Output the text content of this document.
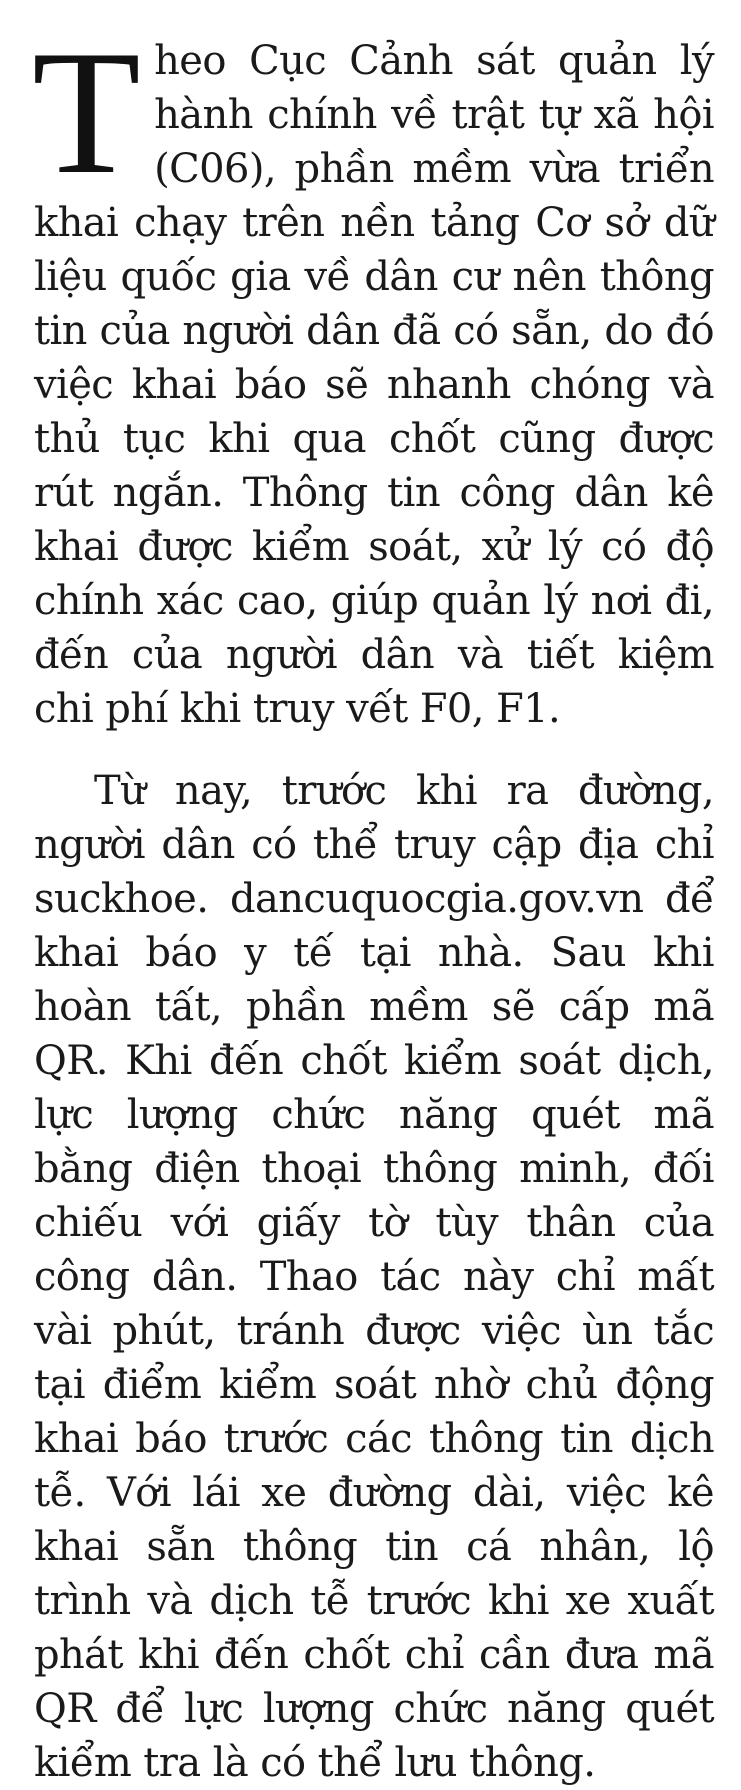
Theo Cục Cảnh sát quản lý hành chính về trật tự xã hội (C06), phần mềm vừa triển khai chạy trên nền tảng Cơ sở dữ liệu quốc gia về dân cư nên thông tin của người dân đã có sẵn, do đó việc khai báo sẽ nhanh chóng và thủ tục khi qua chốt cũng được rút ngắn. Thông tin công dân kê khai được kiểm soát, xử lý có độ chính xác cao, giúp quản lý nơi đi, đến của người dân và tiết kiệm chi phí khi truy vết F0, F1.

Từ nay, trước khi ra đường, người dân có thể truy cập địa chỉ suckhoe. dancuquocgia.gov.vn để khai báo y tế tại nhà. Sau khi hoàn tất, phần mềm sẽ cấp mã QR. Khi đến chốt kiểm soát dịch, lực lượng chức năng quét mã bằng điện thoại thông minh, đối chiếu với giấy tờ tùy thân của công dân. Thao tác này chỉ mất vài phút, tránh được việc ùn tắc tại điểm kiểm soát nhờ chủ động khai báo trước các thông tin dịch tễ. Với lái xe đường dài, việc kê khai sẵn thông tin cá nhân, lộ trình và dịch tễ trước khi xe xuất phát khi đến chốt chỉ cần đưa mã QR để lực lượng chức năng quét kiểm tra là có thể lưu thông.
